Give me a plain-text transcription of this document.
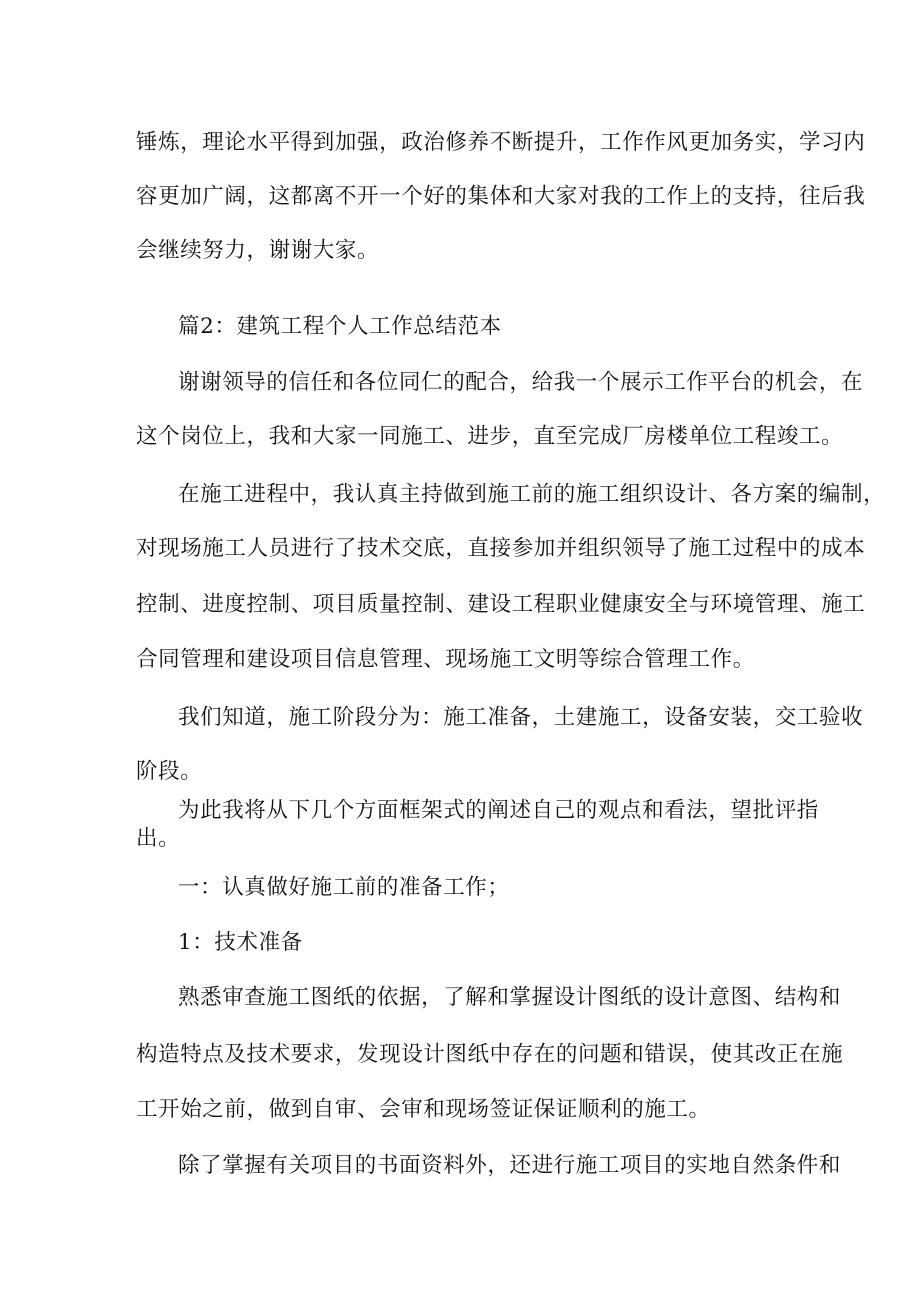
锤炼，理论水平得到加强，政治修养不断提升，工作作风更加务实，学习内
容更加广阔，这都离不开一个好的集体和大家对我的工作上的支持，往后我
会继续努力，谢谢大家。
篇2：建筑工程个人工作总结范本
谢谢领导的信任和各位同仁的配合，给我一个展示工作平台的机会，在
这个岗位上，我和大家一同施工、进步，直至完成厂房楼单位工程竣工。
在施工进程中，我认真主持做到施工前的施工组织设计、各方案的编制，
对现场施工人员进行了技术交底，直接参加并组织领导了施工过程中的成本
控制、进度控制、项目质量控制、建设工程职业健康安全与环境管理、施工
合同管理和建设项目信息管理、现场施工文明等综合管理工作。
我们知道，施工阶段分为：施工准备，土建施工，设备安装，交工验收
阶段。
为此我将从下几个方面框架式的阐述自己的观点和看法，望批评指
出。
一：认真做好施工前的准备工作；
1：技术准备
熟悉审查施工图纸的依据，了解和掌握设计图纸的设计意图、结构和
构造特点及技术要求，发现设计图纸中存在的问题和错误，使其改正在施
工开始之前，做到自审、会审和现场签证保证顺利的施工。
除了掌握有关项目的书面资料外，还进行施工项目的实地自然条件和
